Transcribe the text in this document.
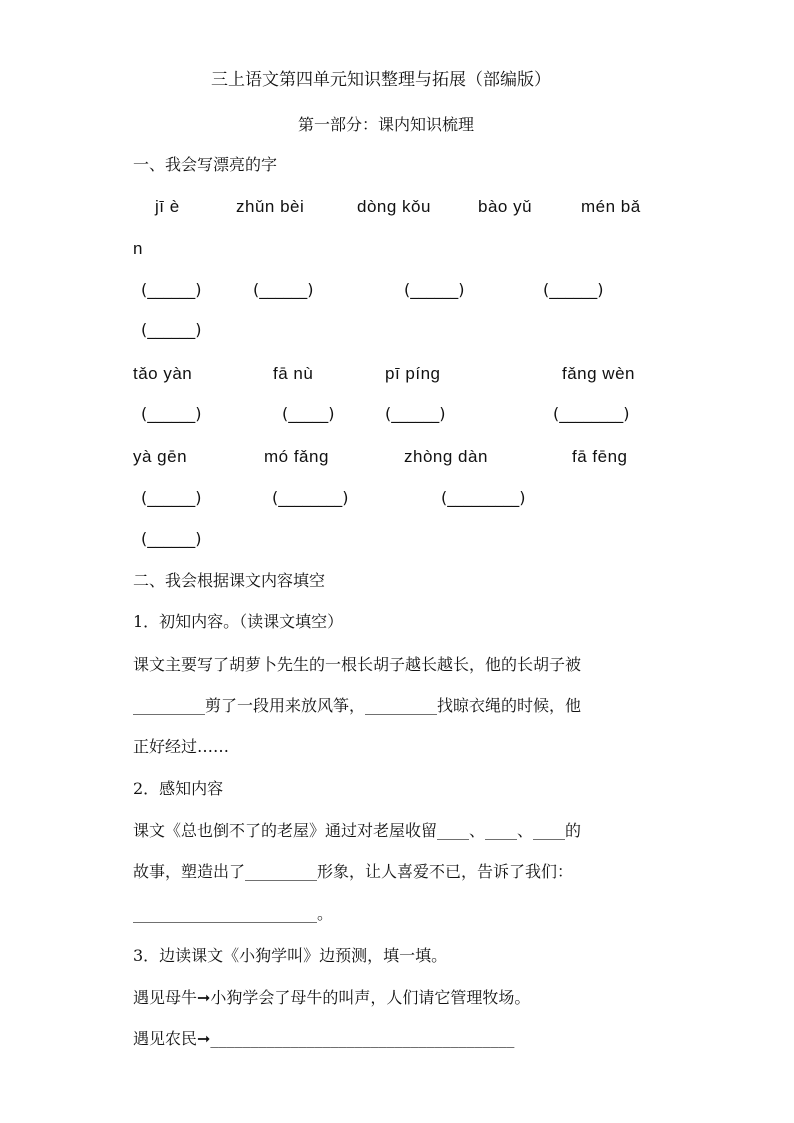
三上语文第四单元知识整理与拓展（部编版）
第一部分：课内知识梳理
一、我会写漂亮的字
jī è	zhǔn bèi	dòng kǒu	bào yǔ	mén bǎ
n
(______)	(______)	(______)	(______)
(______)
tǎo yàn	fā nù	pī píng	fǎng wèn
(______)	(_____)	(______)	(________)
yà gēn	mó fǎng	zhòng dàn	fā fēng
(______)	(________)	(_________)
(______)
二、我会根据课文内容填空
1．初知内容。（读课文填空）
课文主要写了胡萝卜先生的一根长胡子越长越长，他的长胡子被
_________剪了一段用来放风筝，_________找晾衣绳的时候，他
正好经过……
2．感知内容
课文《总也倒不了的老屋》通过对老屋收留____、____、____的
故事，塑造出了_________形象，让人喜爱不已，告诉了我们：
_______________________。
3．边读课文《小狗学叫》边预测，填一填。
遇见母牛➞小狗学会了母牛的叫声，人们请它管理牧场。
遇见农民➞______________________________________
